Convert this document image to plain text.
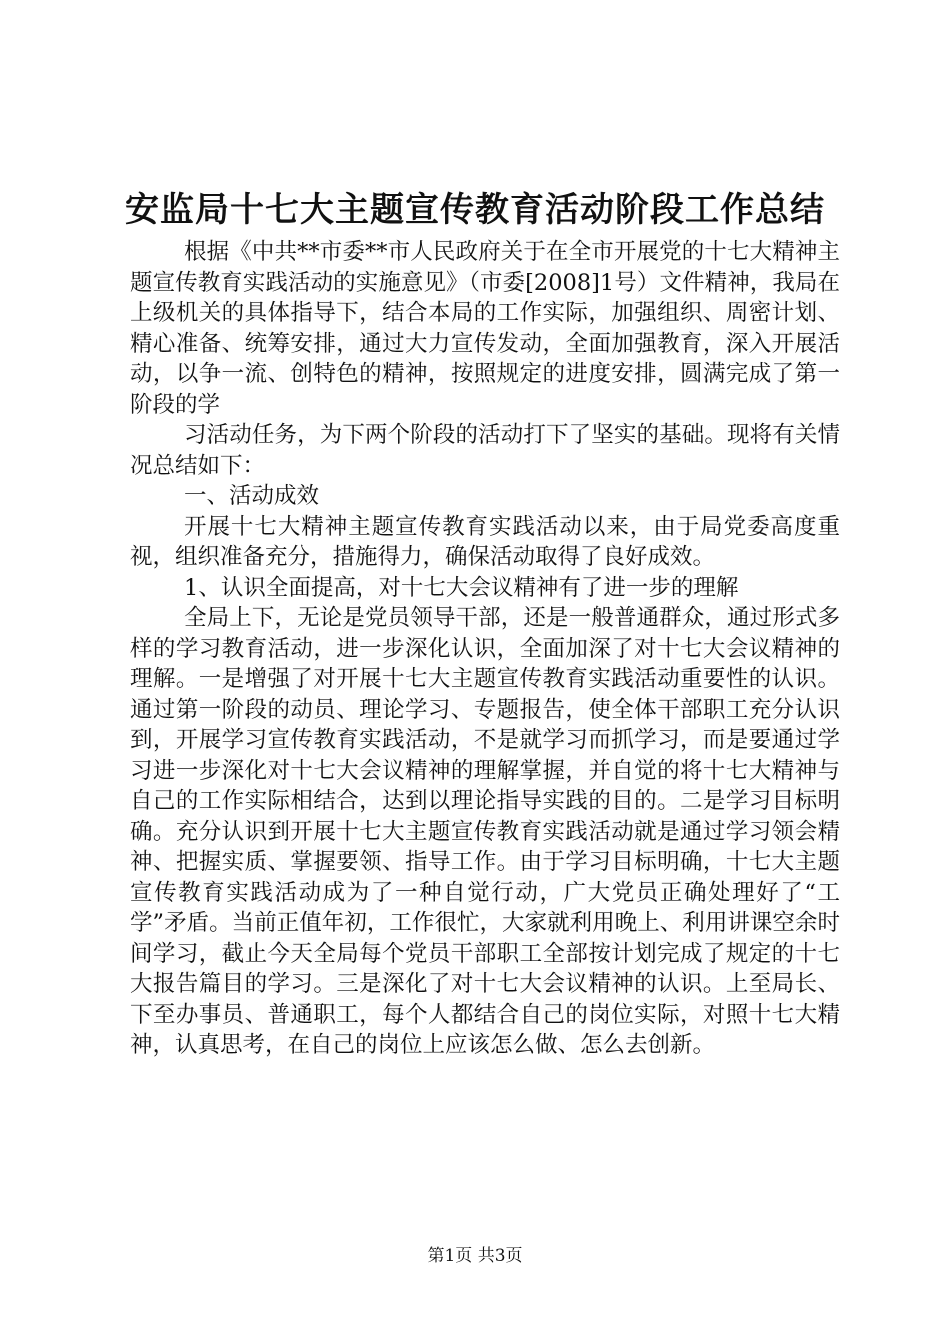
安监局十七大主题宣传教育活动阶段工作总结

根据《中共**市委**市人民政府关于在全市开展党的十七大精神主题宣传教育实践活动的实施意见》（市委[2008]1号）文件精神，我局在上级机关的具体指导下，结合本局的工作实际，加强组织、周密计划、精心准备、统筹安排，通过大力宣传发动，全面加强教育，深入开展活动，以争一流、创特色的精神，按照规定的进度安排，圆满完成了第一阶段的学

习活动任务，为下两个阶段的活动打下了坚实的基础。现将有关情况总结如下：

一、活动成效

开展十七大精神主题宣传教育实践活动以来，由于局党委高度重视，组织准备充分，措施得力，确保活动取得了良好成效。

1、认识全面提高，对十七大会议精神有了进一步的理解

全局上下，无论是党员领导干部，还是一般普通群众，通过形式多样的学习教育活动，进一步深化认识，全面加深了对十七大会议精神的理解。一是增强了对开展十七大主题宣传教育实践活动重要性的认识。通过第一阶段的动员、理论学习、专题报告，使全体干部职工充分认识到，开展学习宣传教育实践活动，不是就学习而抓学习，而是要通过学习进一步深化对十七大会议精神的理解掌握，并自觉的将十七大精神与自己的工作实际相结合，达到以理论指导实践的目的。二是学习目标明确。充分认识到开展十七大主题宣传教育实践活动就是通过学习领会精神、把握实质、掌握要领、指导工作。由于学习目标明确，十七大主题宣传教育实践活动成为了一种自觉行动，广大党员正确处理好了“工学”矛盾。当前正值年初，工作很忙，大家就利用晚上、利用讲课空余时间学习，截止今天全局每个党员干部职工全部按计划完成了规定的十七大报告篇目的学习。三是深化了对十七大会议精神的认识。上至局长、下至办事员、普通职工，每个人都结合自己的岗位实际，对照十七大精神，认真思考，在自己的岗位上应该怎么做、怎么去创新。

第1页 共3页
